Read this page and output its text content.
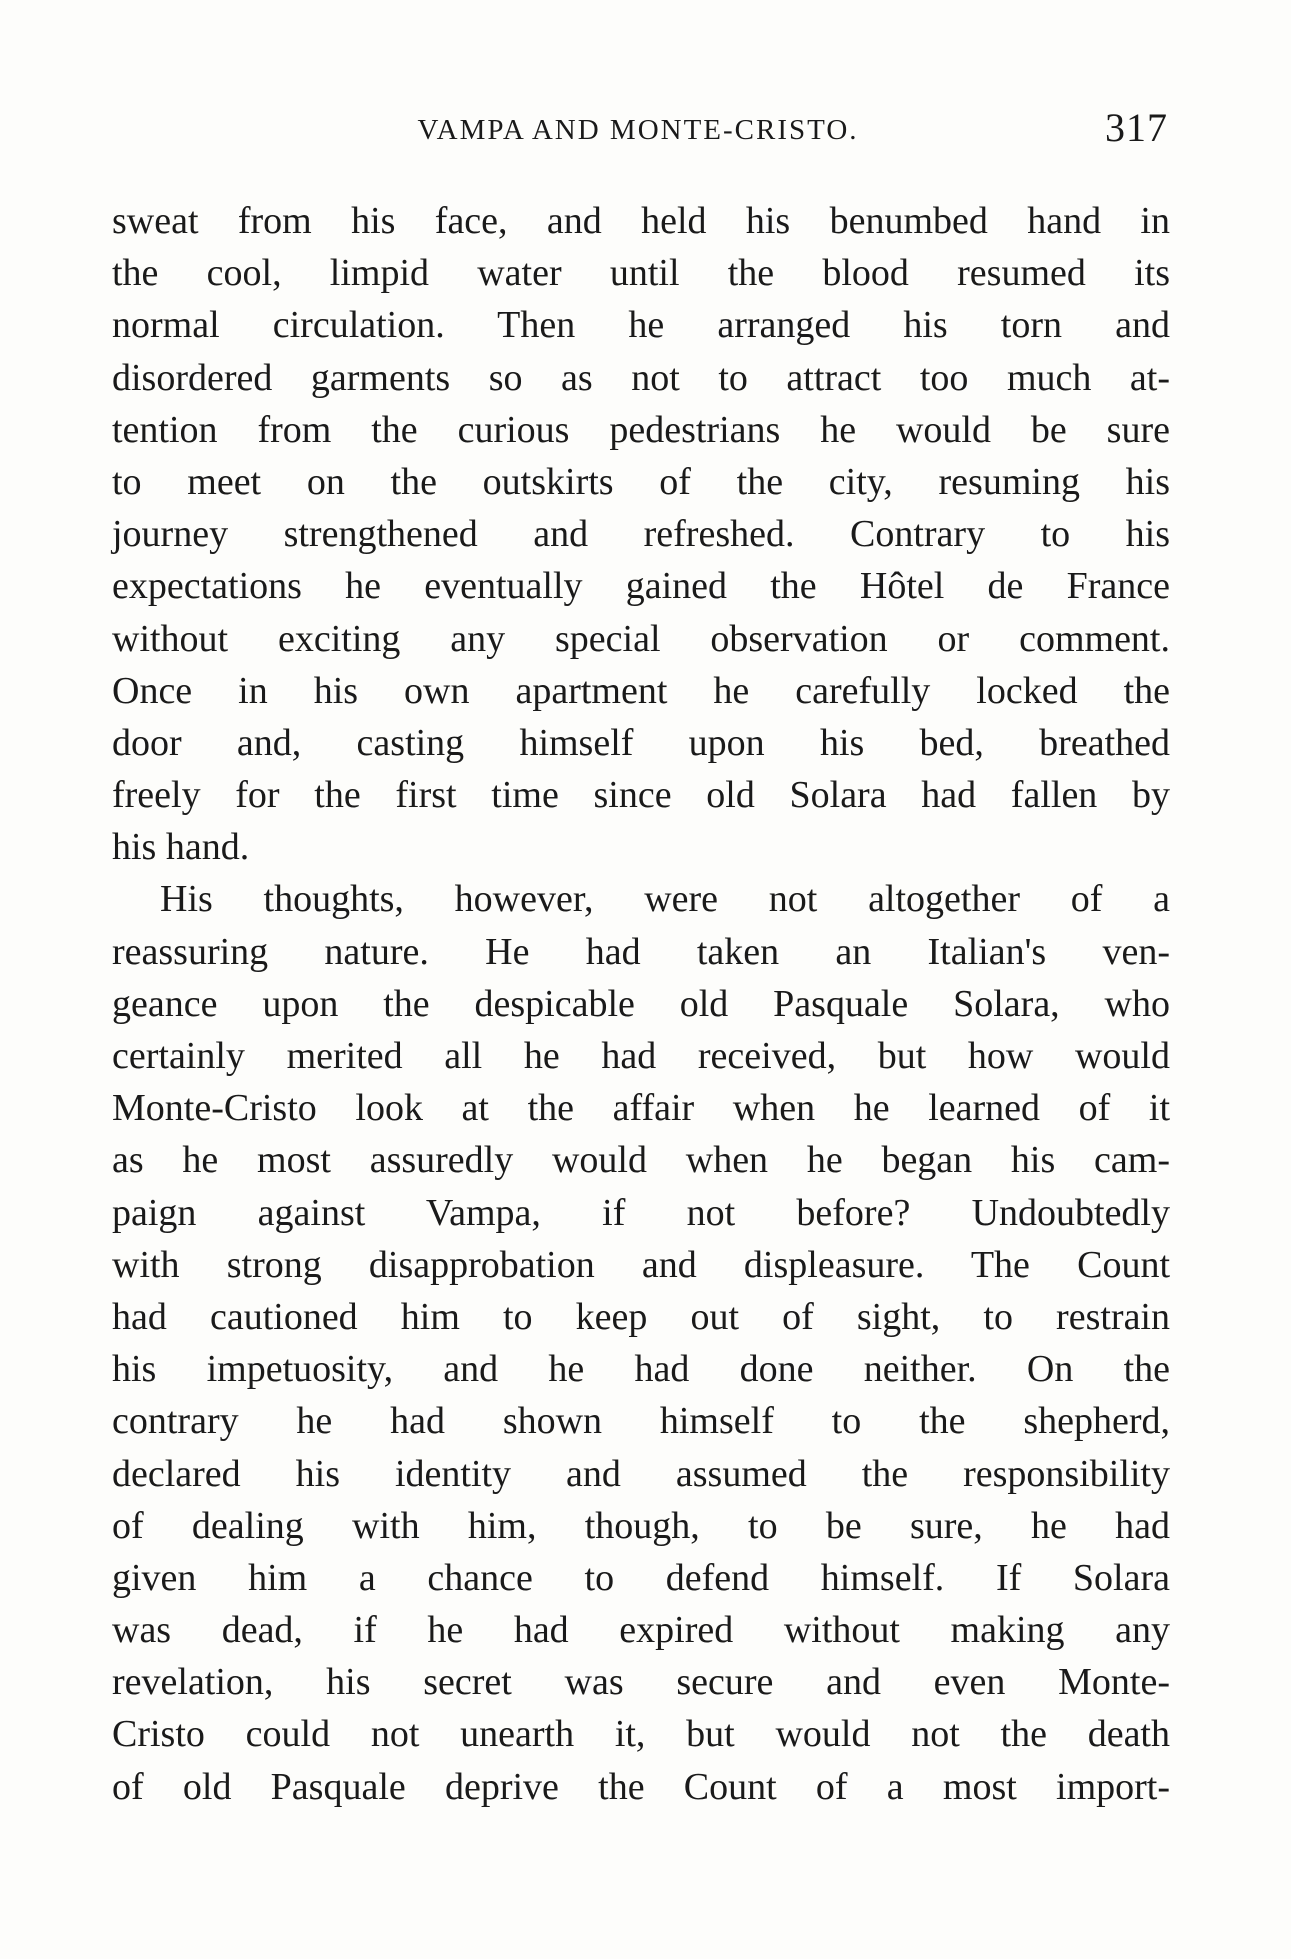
VAMPA AND MONTE-CRISTO.	317
sweat from his face, and held his benumbed hand in
the cool, limpid water until the blood resumed its
normal circulation. Then he arranged his torn and
disordered garments so as not to attract too much at-
tention from the curious pedestrians he would be sure
to meet on the outskirts of the city, resuming his
journey strengthened and refreshed. Contrary to his
expectations he eventually gained the Hôtel de France
without exciting any special observation or comment.
Once in his own apartment he carefully locked the
door and, casting himself upon his bed, breathed
freely for the first time since old Solara had fallen by
his hand.
His thoughts, however, were not altogether of a
reassuring nature. He had taken an Italian's ven-
geance upon the despicable old Pasquale Solara, who
certainly merited all he had received, but how would
Monte-Cristo look at the affair when he learned of it
as he most assuredly would when he began his cam-
paign against Vampa, if not before? Undoubtedly
with strong disapprobation and displeasure. The Count
had cautioned him to keep out of sight, to restrain
his impetuosity, and he had done neither. On the
contrary he had shown himself to the shepherd,
declared his identity and assumed the responsibility
of dealing with him, though, to be sure, he had
given him a chance to defend himself. If Solara
was dead, if he had expired without making any
revelation, his secret was secure and even Monte-
Cristo could not unearth it, but would not the death
of old Pasquale deprive the Count of a most import-
